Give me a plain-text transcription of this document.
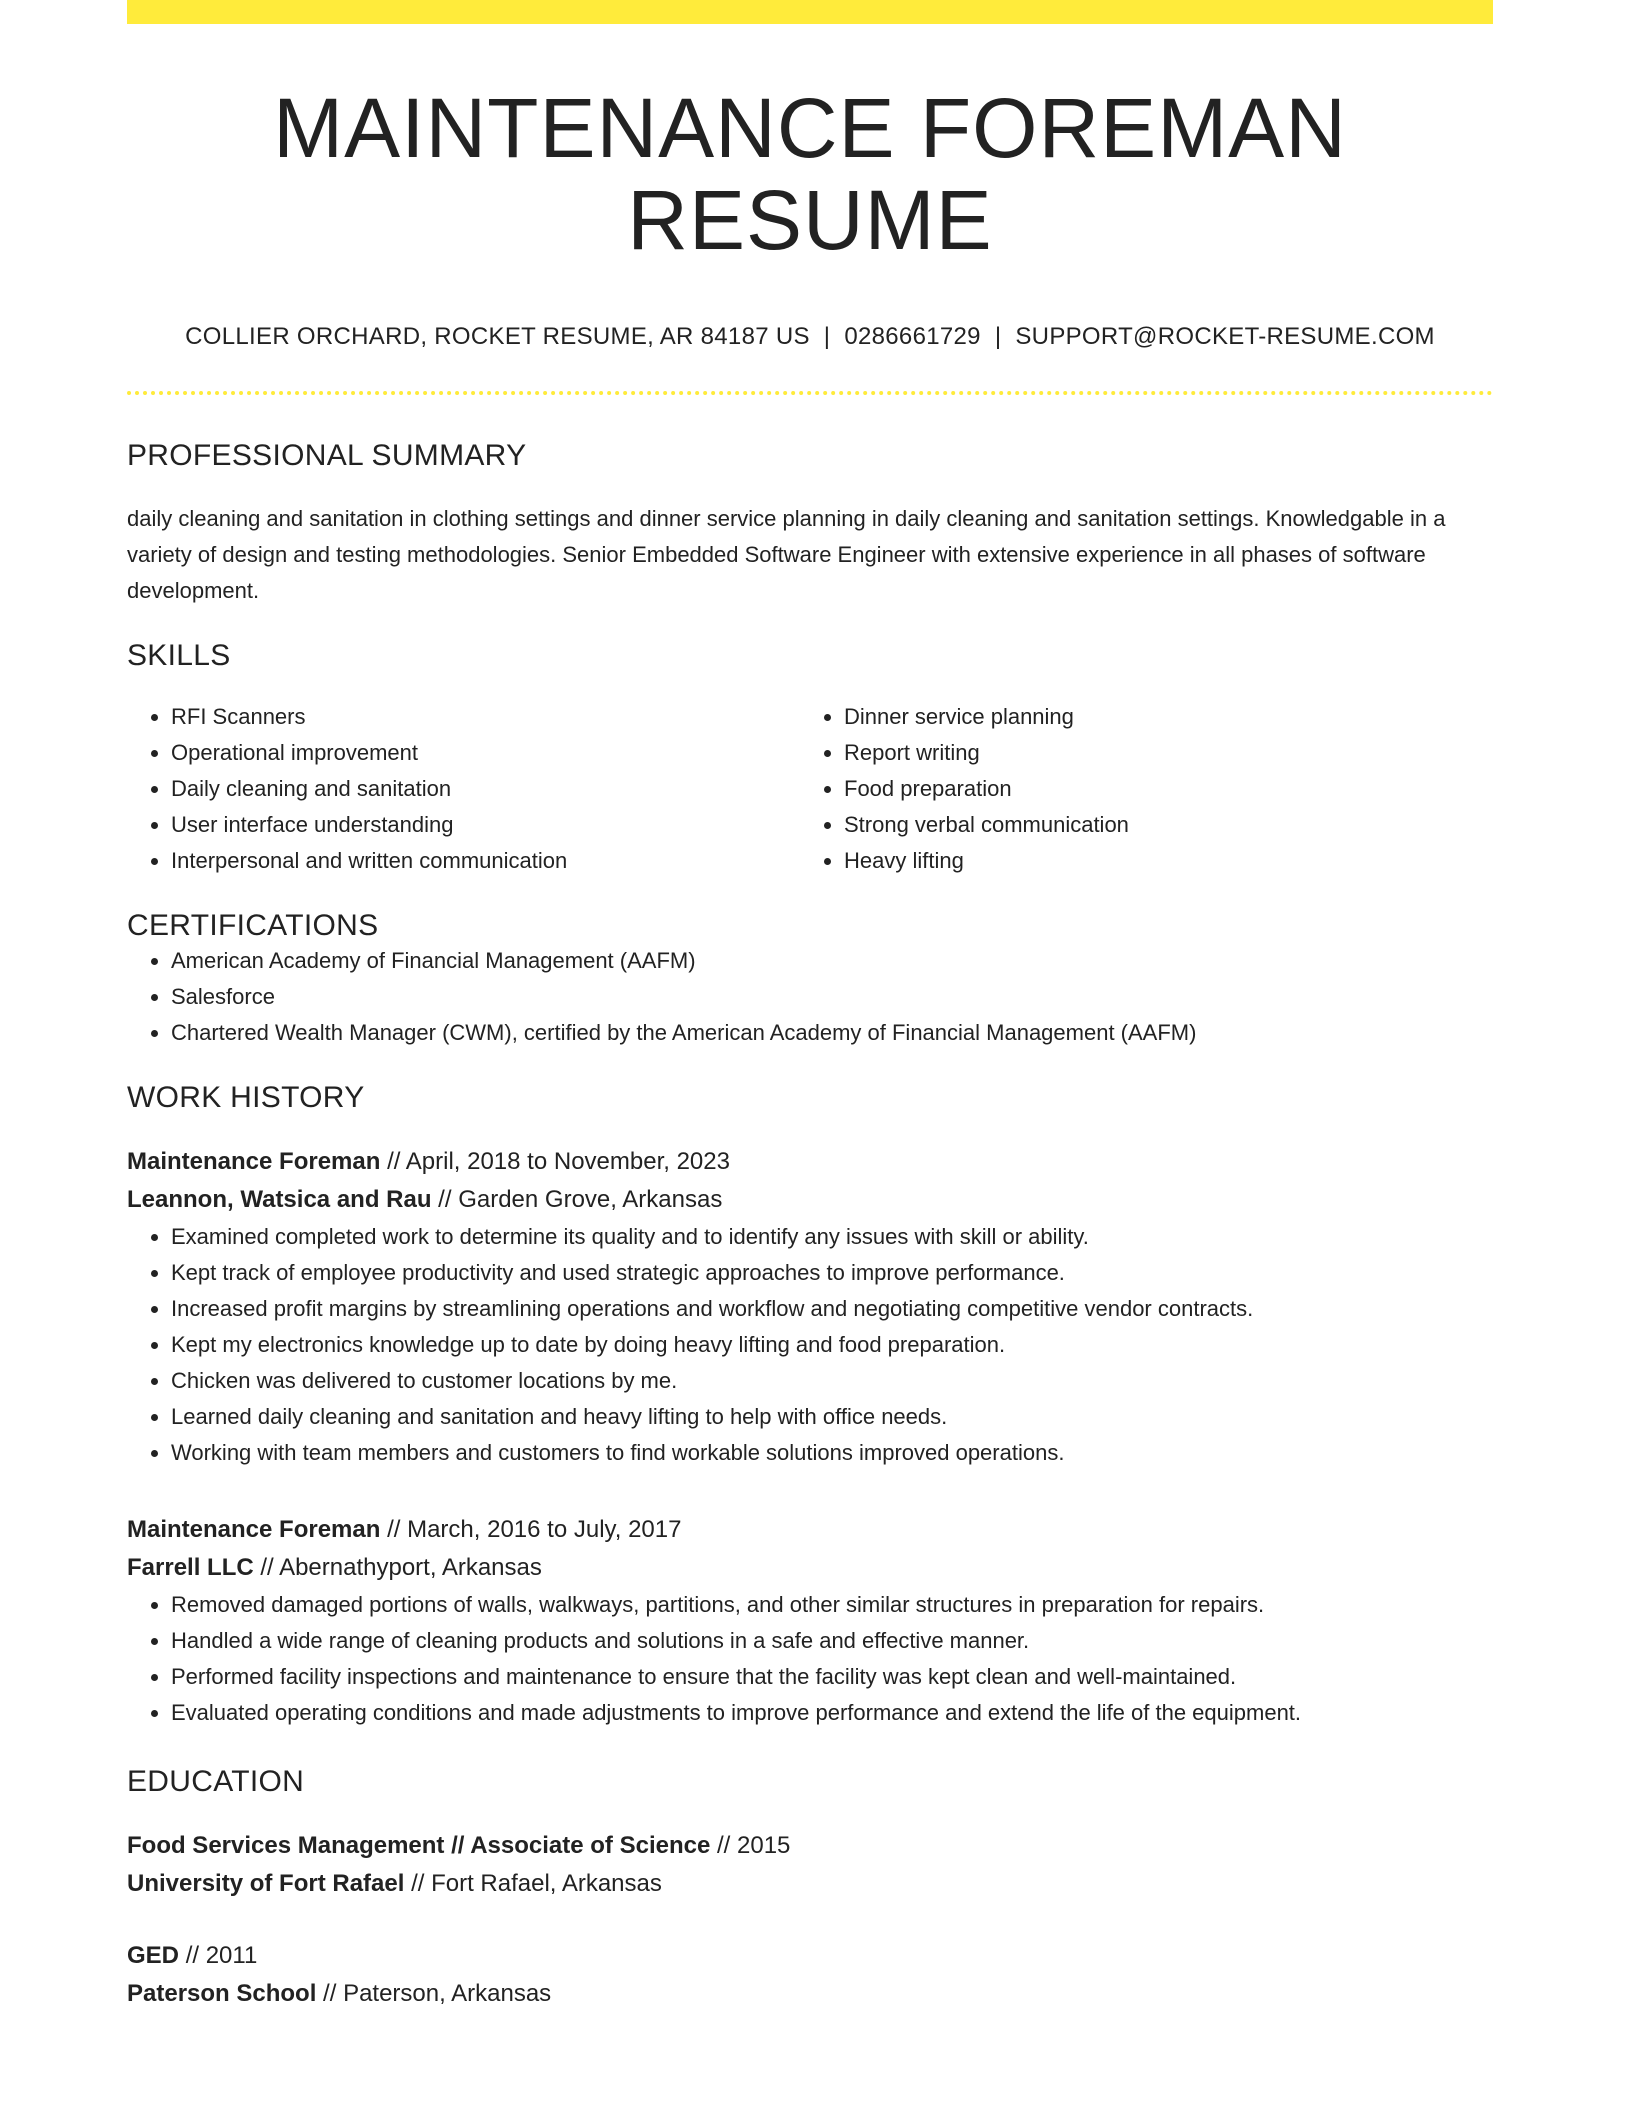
MAINTENANCE FOREMAN RESUME
COLLIER ORCHARD, ROCKET RESUME, AR 84187 US | 0286661729 | SUPPORT@ROCKET-RESUME.COM
PROFESSIONAL SUMMARY
daily cleaning and sanitation in clothing settings and dinner service planning in daily cleaning and sanitation settings. Knowledgable in a variety of design and testing methodologies. Senior Embedded Software Engineer with extensive experience in all phases of software development.
SKILLS
• RFI Scanners
• Operational improvement
• Daily cleaning and sanitation
• User interface understanding
• Interpersonal and written communication
• Dinner service planning
• Report writing
• Food preparation
• Strong verbal communication
• Heavy lifting
CERTIFICATIONS
• American Academy of Financial Management (AAFM)
• Salesforce
• Chartered Wealth Manager (CWM), certified by the American Academy of Financial Management (AAFM)
WORK HISTORY
Maintenance Foreman // April, 2018 to November, 2023
Leannon, Watsica and Rau // Garden Grove, Arkansas
• Examined completed work to determine its quality and to identify any issues with skill or ability.
• Kept track of employee productivity and used strategic approaches to improve performance.
• Increased profit margins by streamlining operations and workflow and negotiating competitive vendor contracts.
• Kept my electronics knowledge up to date by doing heavy lifting and food preparation.
• Chicken was delivered to customer locations by me.
• Learned daily cleaning and sanitation and heavy lifting to help with office needs.
• Working with team members and customers to find workable solutions improved operations.
Maintenance Foreman // March, 2016 to July, 2017
Farrell LLC // Abernathyport, Arkansas
• Removed damaged portions of walls, walkways, partitions, and other similar structures in preparation for repairs.
• Handled a wide range of cleaning products and solutions in a safe and effective manner.
• Performed facility inspections and maintenance to ensure that the facility was kept clean and well-maintained.
• Evaluated operating conditions and made adjustments to improve performance and extend the life of the equipment.
EDUCATION
Food Services Management // Associate of Science // 2015
University of Fort Rafael // Fort Rafael, Arkansas
GED // 2011
Paterson School // Paterson, Arkansas
